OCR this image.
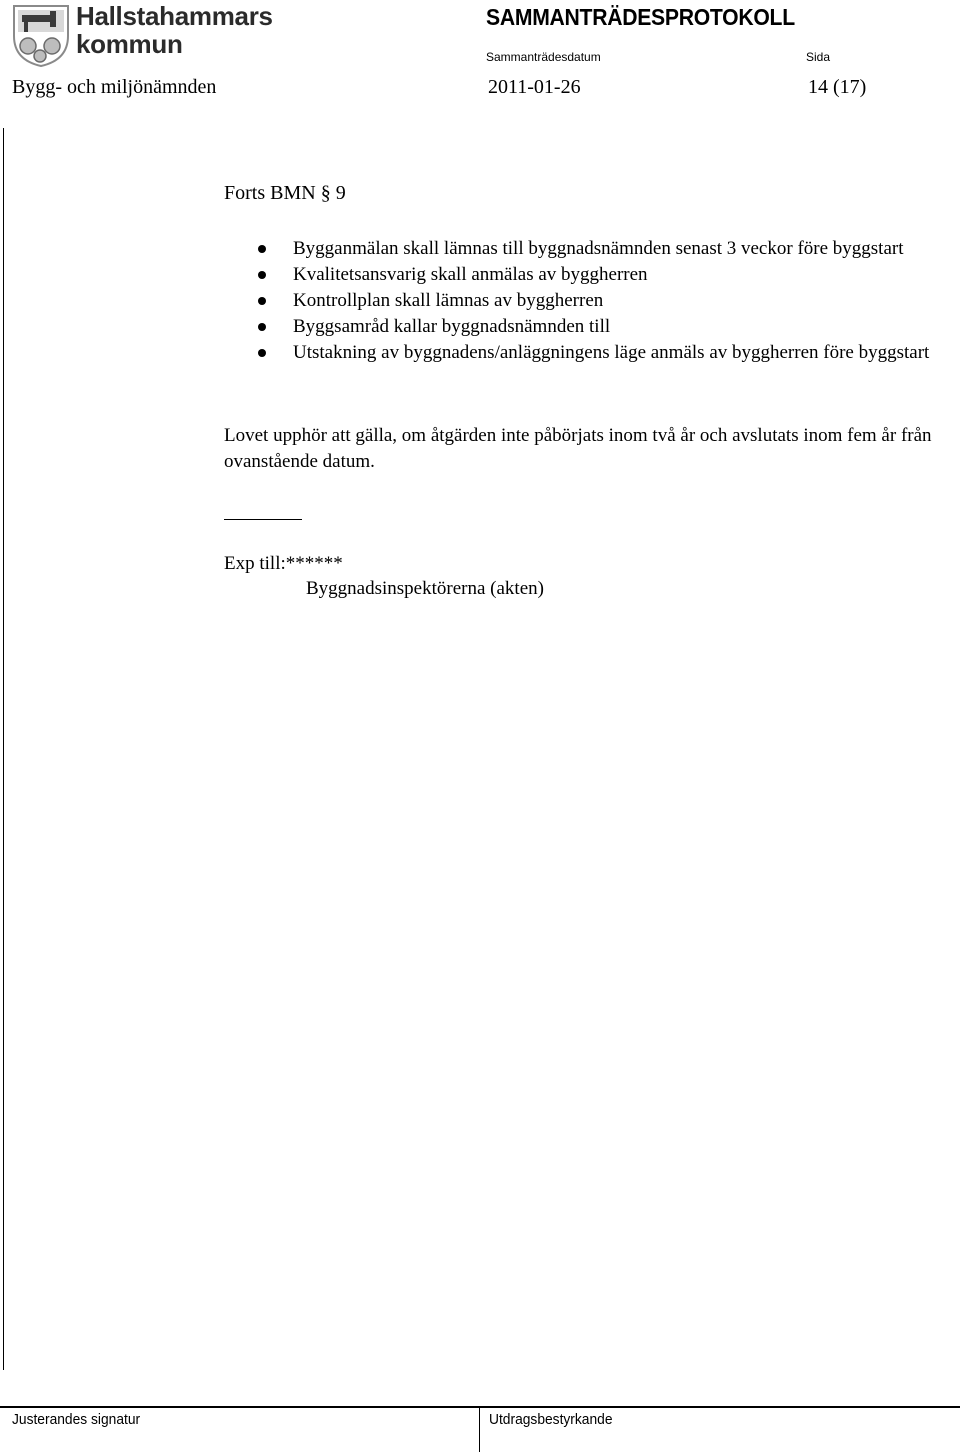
Hallstahammars
kommun
SAMMANTRÄDESPROTOKOLL
Sammanträdesdatum	Sida
Bygg- och miljönämnden	2011-01-26	14 (17)
Forts BMN § 9
Bygganmälan skall lämnas till byggnadsnämnden senast 3 veckor före byggstart
Kvalitetsansvarig skall anmälas av byggherren
Kontrollplan skall lämnas av byggherren
Byggsamråd kallar byggnadsnämnden till
Utstakning av byggnadens/anläggningens läge anmäls av byggherren före byggstart

Lovet upphör att gälla, om åtgärden inte påbörjats inom två år och avslutats inom fem år från ovanstående datum.

Exp till:******
Byggnadsinspektörerna (akten)
Justerandes signatur	Utdragsbestyrkande
